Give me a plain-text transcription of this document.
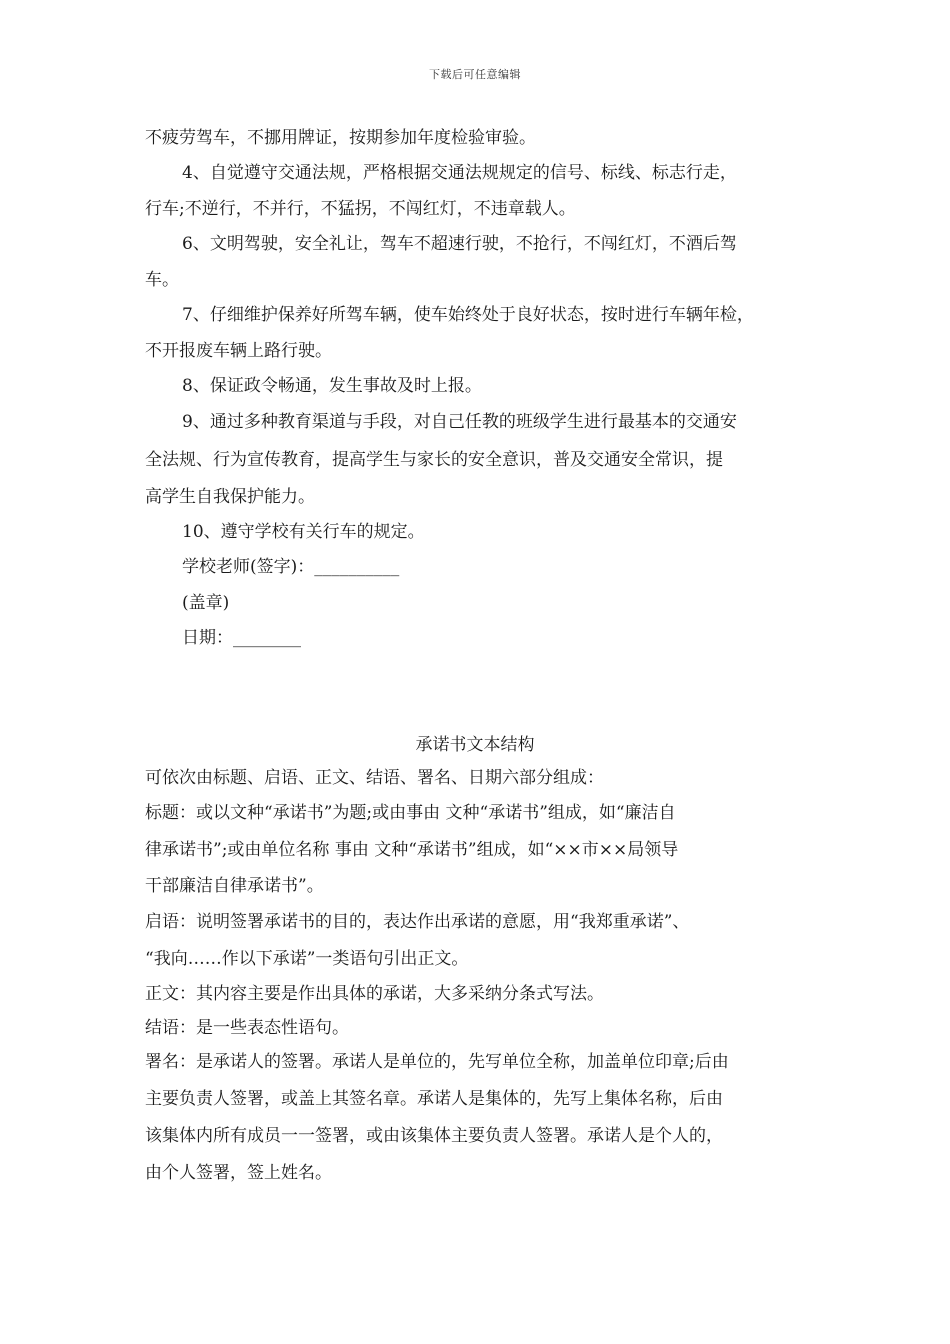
下载后可任意编辑
不疲劳驾车，不挪用牌证，按期参加年度检验审验。
4、自觉遵守交通法规，严格根据交通法规规定的信号、标线、标志行走，
行车;不逆行，不并行，不猛拐，不闯红灯，不违章载人。
6、文明驾驶，安全礼让，驾车不超速行驶，不抢行，不闯红灯，不酒后驾
车。
7、仔细维护保养好所驾车辆，使车始终处于良好状态，按时进行车辆年检，
不开报废车辆上路行驶。
8、保证政令畅通，发生事故及时上报。
9、通过多种教育渠道与手段，对自己任教的班级学生进行最基本的交通安
全法规、行为宣传教育，提高学生与家长的安全意识，普及交通安全常识，提
高学生自我保护能力。
10、遵守学校有关行车的规定。
学校老师(签字)：__________
(盖章)
日期：________
承诺书文本结构
可依次由标题、启语、正文、结语、署名、日期六部分组成：
标题：或以文种“承诺书”为题;或由事由 文种“承诺书”组成，如“廉洁自
律承诺书”;或由单位名称 事由 文种“承诺书”组成，如“××市××局领导
干部廉洁自律承诺书”。
启语：说明签署承诺书的目的，表达作出承诺的意愿，用“我郑重承诺”、
“我向……作以下承诺”一类语句引出正文。
正文：其内容主要是作出具体的承诺，大多采纳分条式写法。
结语：是一些表态性语句。
署名：是承诺人的签署。承诺人是单位的，先写单位全称，加盖单位印章;后由
主要负责人签署，或盖上其签名章。承诺人是集体的，先写上集体名称，后由
该集体内所有成员一一签署，或由该集体主要负责人签署。承诺人是个人的，
由个人签署，签上姓名。
